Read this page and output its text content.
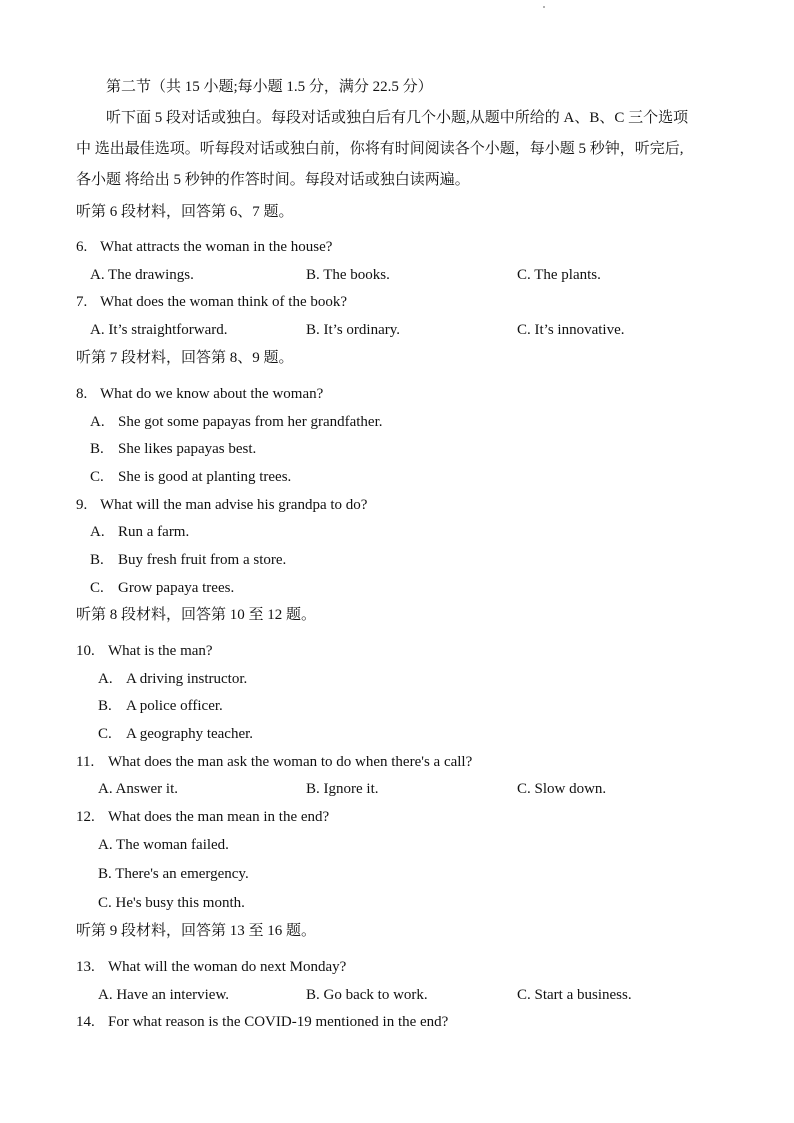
第二节（共 15 小题;每小题 1.5 分，满分 22.5 分）
听下面 5 段对话或独白。每段对话或独白后有几个小题,从题中所给的 A、B、C 三个选项
中 选出最佳选项。听每段对话或独白前，你将有时间阅读各个小题，每小题 5 秒钟，听完后,
各小题 将给出 5 秒钟的作答时间。每段对话或独白读两遍。
听第 6 段材料，回答第 6、7 题。
6. What attracts the woman in the house?
A. The drawings.	B. The books.	C. The plants.
7. What does the woman think of the book?
A. It’s straightforward.	B. It’s ordinary.	C. It’s innovative.
听第 7 段材料，回答第 8、9 题。
8. What do we know about the woman?
A. She got some papayas from her grandfather.
B. She likes papayas best.
C. She is good at planting trees.
9. What will the man advise his grandpa to do?
A. Run a farm.
B. Buy fresh fruit from a store.
C. Grow papaya trees.
听第 8 段材料，回答第 10 至 12 题。
10. What is the man?
A. A driving instructor.
B. A police officer.
C. A geography teacher.
11. What does the man ask the woman to do when there's a call?
A. Answer it.	B. Ignore it.	C. Slow down.
12. What does the man mean in the end?
A. The woman failed.
B. There's an emergency.
C. He's busy this month.
听第 9 段材料，回答第 13 至 16 题。
13. What will the woman do next Monday?
A. Have an interview.	B. Go back to work.	C. Start a business.
14. For what reason is the COVID-19 mentioned in the end?
